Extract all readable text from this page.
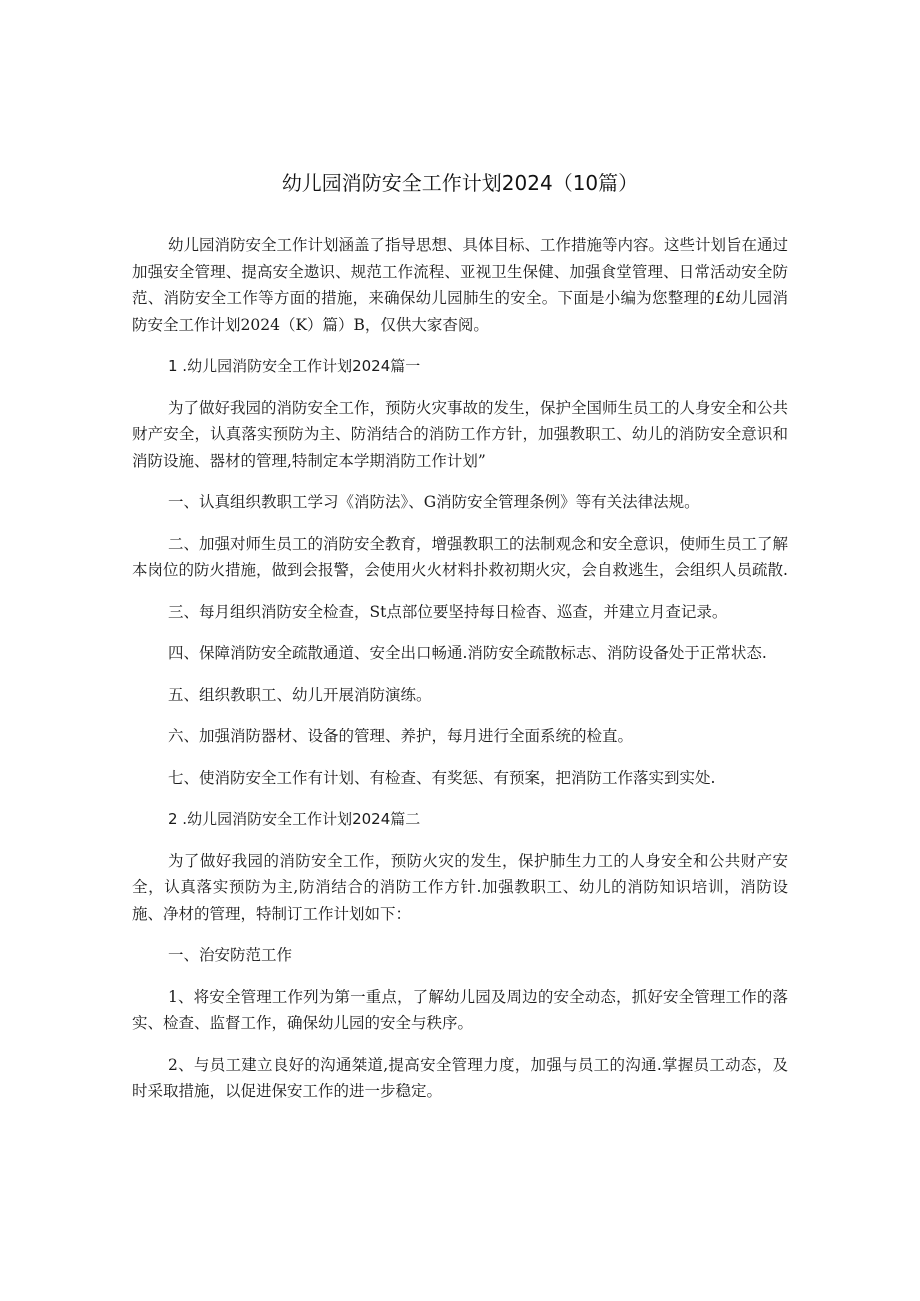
幼儿园消防安全工作计划2024（10篇）

幼儿园消防安全工作计划涵盖了指导思想、具体目标、工作措施等内容。这些计划旨在通过加强安全管理、提高安全遨识、规范工作流程、亚视卫生保健、加强食堂管理、日常活动安全防范、消防安全工作等方面的措施，来确保幼儿园肺生的安全。下面是小编为您整理的£幼儿园消防安全工作计划2024（K）篇）B，仅供大家杳阅。

1 .幼儿园消防安全工作计划2024篇一

为了做好我园的消防安全工作，预防火灾事故的发生，保护全国师生员工的人身安全和公共财产安全，认真落实预防为主、防消结合的消防工作方针，加强教职工、幼儿的消防安全意识和消防设施、器材的管理,特制定本学期消防工作计划”

一、认真组织教职工学习《消防法》、G消防安全管理条例》等有关法律法规。

二、加强对师生员工的消防安全教育，增强教职工的法制观念和安全意识，使师生员工了解本岗位的防火措施，做到会报警，会使用火火材料扑救初期火灾，会自救逃生，会组织人员疏散.

三、每月组织消防安全检查，St点部位要坚持每日检杳、巡查，并建立月查记录。

四、保障消防安全疏散通道、安全出口畅通.消防安全疏散标志、消防设备处于正常状态.

五、组织教职工、幼儿开展消防演练。

六、加强消防器材、设备的管理、养护，每月进行全面系统的检直。

七、使消防安全工作有计划、有检查、有奖惩、有预案，把消防工作落实到实处.

2 .幼儿园消防安全工作计划2024篇二

为了做好我园的消防安全工作，预防火灾的发生，保护肺生力工的人身安全和公共财产安全，认真落实预防为主,防消结合的消防工作方针.加强教职工、幼儿的消防知识培训，消防设施、净材的管理，特制订工作计划如下：

一、治安防范工作

1、将安全管理工作列为第一重点，了解幼儿园及周边的安全动态，抓好安全管理工作的落实、检查、监督工作，确保幼儿园的安全与秩序。

2、与员工建立良好的沟通桀道,提高安全管理力度，加强与员工的沟通.掌握员工动态，及时采取措施，以促进保安工作的进一步稳定。
